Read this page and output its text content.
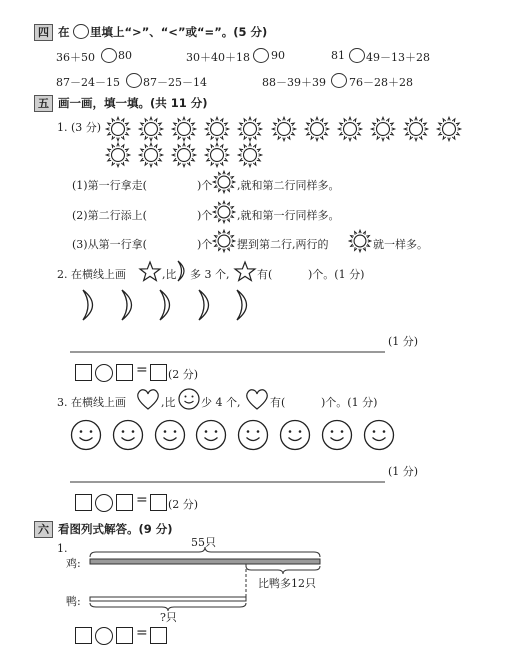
四 在 里填上“>”、“<”或“=”。(5 分)
36＋50 80	30＋40＋18 90	81 49－13＋28
87－24－15 87－25－14	88－39＋39 76－28＋28
五 画一画，填一填。(共 11 分)
1. (3 分)
(1)第一行拿走(	)个 ,就和第二行同样多。
(2)第二行添上(	)个 ,就和第一行同样多。
(3)从第一行拿(	)个 摆到第二行,两行的	就一样多。
2. 在横线上画	,比 多 3 个,	有(	)个。(1 分)
(1 分)
= (2 分)
3. 在横线上画	,比 少 4 个,	有(	)个。(1 分)
(1 分)
= (2 分)
六 看图列式解答。(9 分)
1.	55只
鸡:
比鸭多12只
鸭:
?只
=
